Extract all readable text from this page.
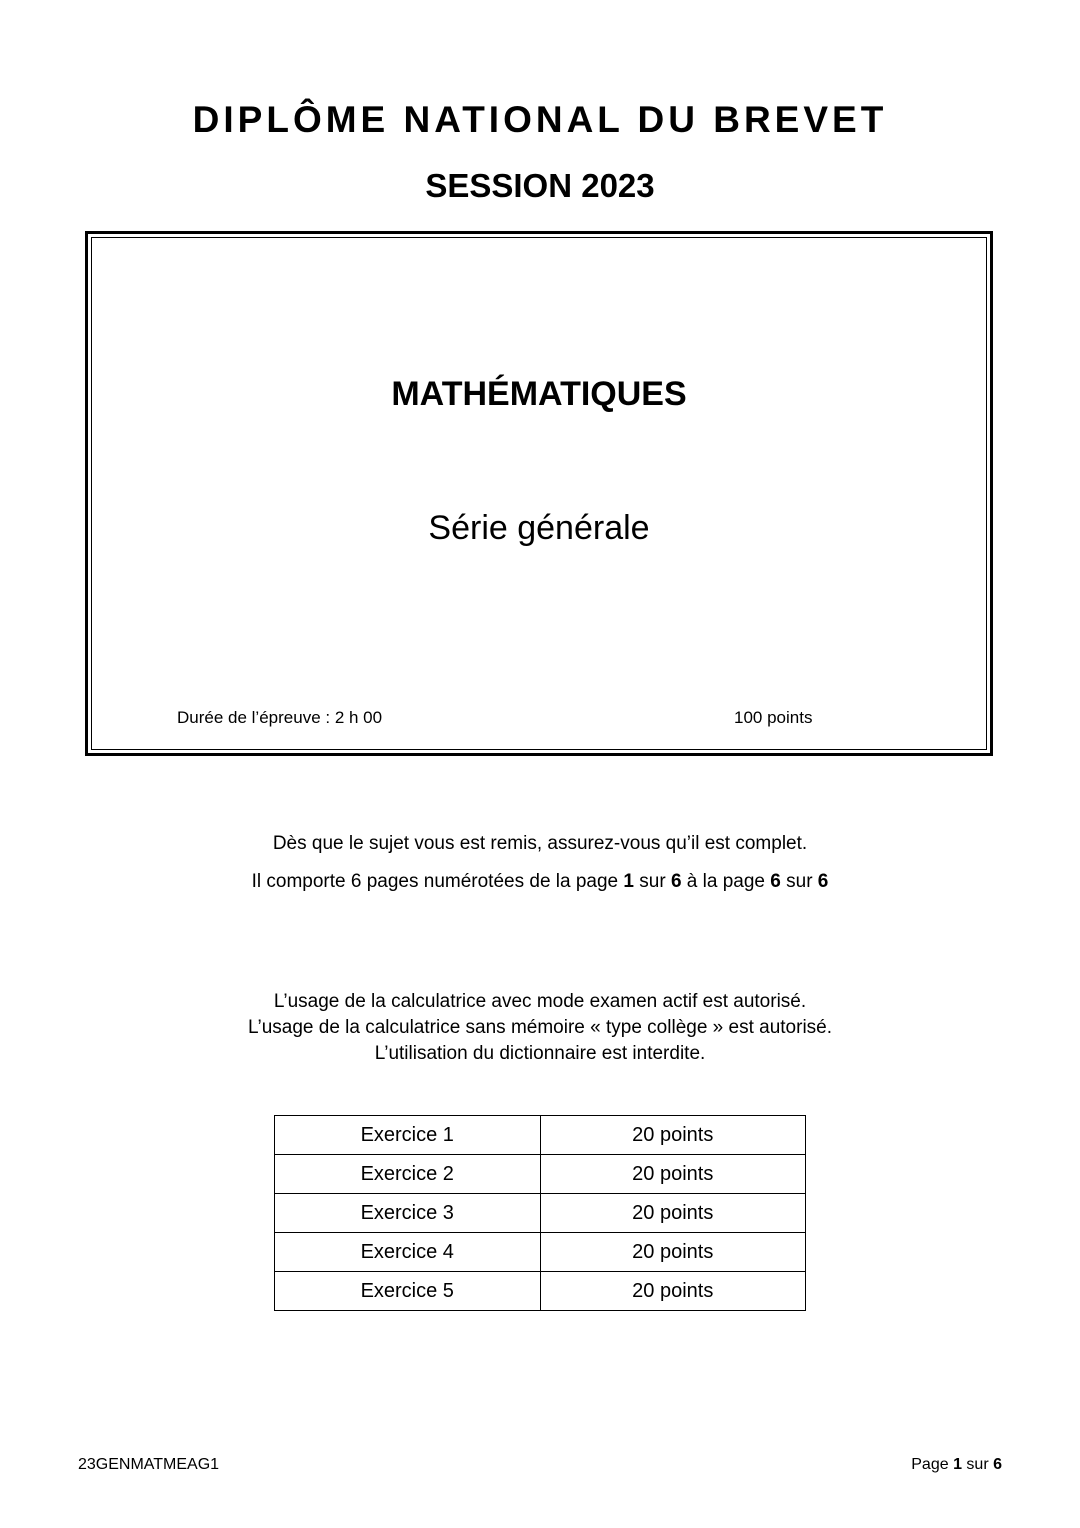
DIPLÔME NATIONAL DU BREVET
SESSION 2023
MATHÉMATIQUES

Série générale

Durée de l’épreuve : 2 h 00	100 points

Dès que le sujet vous est remis, assurez-vous qu’il est complet.

Il comporte 6 pages numérotées de la page 1 sur 6 à la page 6 sur 6

L’usage de la calculatrice avec mode examen actif est autorisé.

L’usage de la calculatrice sans mémoire « type collège » est autorisé.

L’utilisation du dictionnaire est interdite.

Exercice 1	20 points
Exercice 2	20 points
Exercice 3	20 points
Exercice 4	20 points
Exercice 5	20 points
23GENMATMEAG1	Page 1 sur 6
